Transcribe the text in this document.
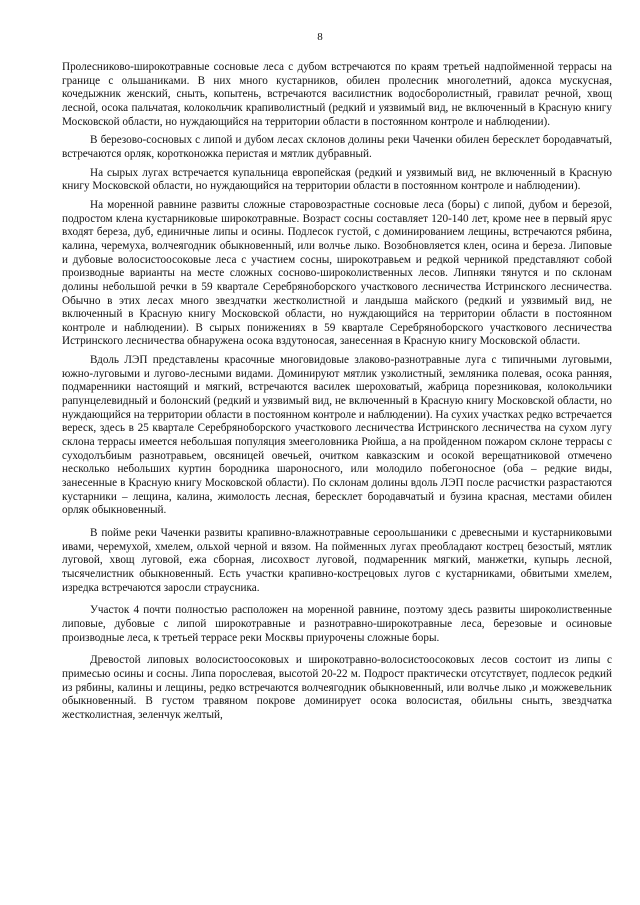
8

Пролесниково-широкотравные сосновые леса с дубом встречаются по краям третьей надпойменной террасы на границе с ольшаниками. В них много кустарников, обилен пролесник многолетний, адокса мускусная, кочедыжник женский, сныть, копытень, встречаются василистник водосборолистный, гравилат речной, хвощ лесной, осока пальчатая, колокольчик крапиволистный (редкий и уязвимый вид, не включенный в Красную книгу Московской области, но нуждающийся на территории области в постоянном контроле и наблюдении).

В березово-сосновых с липой и дубом лесах склонов долины реки Чаченки обилен бересклет бородавчатый, встречаются орляк, коротконожка перистая и мятлик дубравный.

На сырых лугах встречается купальница европейская (редкий и уязвимый вид, не включенный в Красную книгу Московской области, но нуждающийся на территории области в постоянном контроле и наблюдении).

На моренной равнине развиты сложные старовозрастные сосновые леса (боры) с липой, дубом и березой, подростом клена кустарниковые широкотравные. Возраст сосны составляет 120-140 лет, кроме нее в первый ярус входят береза, дуб, единичные липы и осины. Подлесок густой, с доминированием лещины, встречаются рябина, калина, черемуха, волчеягодник обыкновенный, или волчье лыко. Возобновляется клен, осина и береза. Липовые и дубовые волосистоосоковые леса с участием сосны, широкотравьем и редкой черникой представляют собой производные варианты на месте сложных сосново-широколиственных лесов. Липняки тянутся и по склонам долины небольшой речки в 59 квартале Серебряноборского участкового лесничества Истринского лесничества. Обычно в этих лесах много звездчатки жестколистной и ландыша майского (редкий и уязвимый вид, не включенный в Красную книгу Московской области, но нуждающийся на территории области в постоянном контроле и наблюдении). В сырых понижениях в 59 квартале Серебряноборского участкового лесничества Истринского лесничества обнаружена осока вздутоносая, занесенная в Красную книгу Московской области.

Вдоль ЛЭП представлены красочные многовидовые злаково-разнотравные луга с типичными луговыми, южно-луговыми и лугово-лесными видами. Доминируют мятлик узколистный, земляника полевая, осока ранняя, подмаренники настоящий и мягкий, встречаются василек шероховатый, жабрица порезниковая, колокольчики рапунцелевидный и болонский (редкий и уязвимый вид, не включенный в Красную книгу Московской области, но нуждающийся на территории области в постоянном контроле и наблюдении). На сухих участках редко встречается вереск, здесь в 25 квартале Серебряноборского участкового лесничества Истринского лесничества на сухом лугу склона террасы имеется небольшая популяция змееголовника Рюйша, а на пройденном пожаром склоне террасы с суходолъбиым разнотравьем, овсяницей овечьей, очитком кавказским и осокой верещатниковой отмечено несколько небольших куртин бородника шароносного, или молодило побегоносное (оба – редкие виды, занесенные в Красную книгу Московской области). По склонам долины вдоль ЛЭП после расчистки разрастаются кустарники – лещина, калина, жимолость лесная, бересклет бородавчатый и бузина красная, местами обилен орляк обыкновенный.

В пойме реки Чаченки развиты крапивно-влажнотравные сероольшаники с древесными и кустарниковыми ивами, черемухой, хмелем, ольхой черной и вязом. На пойменных лугах преобладают кострец безостый, мятлик луговой, хвощ луговой, ежа сборная, лисохвост луговой, подмаренник мягкий, манжетки, купырь лесной, тысячелистник обыкновенный. Есть участки крапивно-кострецовых лугов с кустарниками, обвитыми хмелем, изредка встречаются заросли страусника.

Участок 4 почти полностью расположен на моренной равнине, поэтому здесь развиты широколиственные липовые, дубовые с липой широкотравные и разнотравно-широкотравные леса, березовые и осиновые производные леса, к третьей террасе реки Москвы приурочены сложные боры.

Древостой липовых волосистоосоковых и широкотравно-волосистоосоковых лесов состоит из липы с примесью осины и сосны. Липа порослевая, высотой 20-22 м. Подрост практически отсутствует, подлесок редкий из рябины, калины и лещины, редко встречаются волчеягодник обыкновенный, или волчье лыко ,и можжевельник обыкновенный. В густом травяном покрове доминирует осока волосистая, обильны сныть, звездчатка жестколистная, зеленчук желтый,
